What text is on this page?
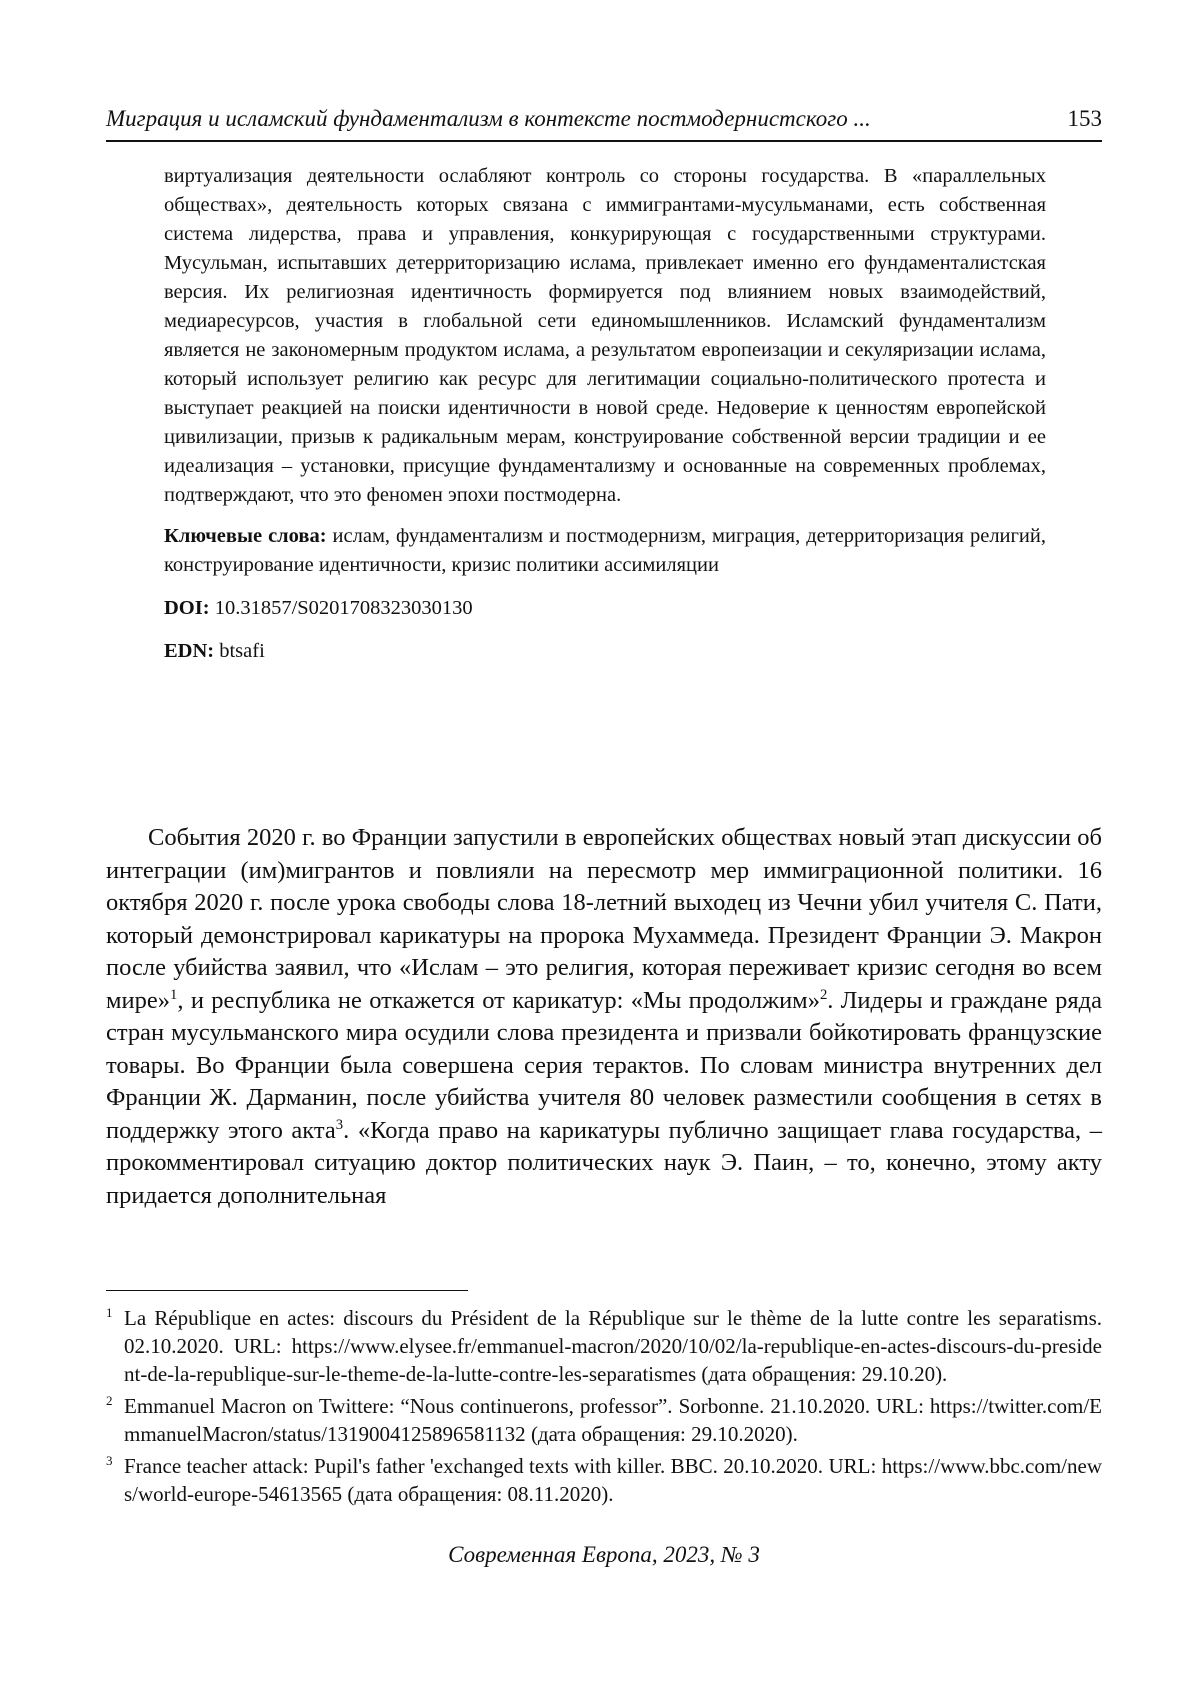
Миграция и исламский фундаментализм в контексте постмодернистского ...	153

виртуализация деятельности ослабляют контроль со стороны государства. В «параллельных обществах», деятельность которых связана с иммигрантами-мусульманами, есть собственная система лидерства, права и управления, конкурирующая с государственными структурами. Мусульман, испытавших детерриторизацию ислама, привлекает именно его фундаменталистская версия. Их религиозная идентичность формируется под влиянием новых взаимодействий, медиаресурсов, участия в глобальной сети единомышленников. Исламский фундаментализм является не закономерным продуктом ислама, а результатом европеизации и секуляризации ислама, который использует религию как ресурс для легитимации социально-политического протеста и выступает реакцией на поиски идентичности в новой среде. Недоверие к ценностям европейской цивилизации, призыв к радикальным мерам, конструирование собственной версии традиции и ее идеализация – установки, присущие фундаментализму и основанные на современных проблемах, подтверждают, что это феномен эпохи постмодерна.

Ключевые слова: ислам, фундаментализм и постмодернизм, миграция, детерриторизация религий, конструирование идентичности, кризис политики ассимиляции

DOI: 10.31857/S0201708323030130

EDN: btsafi

События 2020 г. во Франции запустили в европейских обществах новый этап дискуссии об интеграции (им)мигрантов и повлияли на пересмотр мер иммиграционной политики. 16 октября 2020 г. после урока свободы слова 18-летний выходец из Чечни убил учителя С. Пати, который демонстрировал карикатуры на пророка Мухаммеда. Президент Франции Э. Макрон после убийства заявил, что «Ислам – это религия, которая переживает кризис сегодня во всем мире»$^1$, и республика не откажется от карикатур: «Мы продолжим»$^2$. Лидеры и граждане ряда стран мусульманского мира осудили слова президента и призвали бойкотировать французские товары. Во Франции была совершена серия терактов. По словам министра внутренних дел Франции Ж. Дарманин, после убийства учителя 80 человек разместили сообщения в сетях в поддержку этого акта$^3$. «Когда право на карикатуры публично защищает глава государства, – прокомментировал ситуацию доктор политических наук Э. Паин, – то, конечно, этому акту придается дополнительная

1 La République en actes: discours du Président de la République sur le thème de la lutte contre les separatisms. 02.10.2020. URL: https://www.elysee.fr/emmanuel-macron/2020/10/02/la-republique-en-actes-discours-du-president-de-la-republique-sur-le-theme-de-la-lutte-contre-les-separatismes (дата обращения: 29.10.20).

2 Emmanuel Macron on Twittere: “Nous continuerons, professor”. Sorbonne. 21.10.2020. URL: https://twitter.com/EmmanuelMacron/status/1319004125896581132 (дата обращения: 29.10.2020).

3 France teacher attack: Pupil's father 'exchanged texts with killer. BBC. 20.10.2020. URL: https://www.bbc.com/news/world-europe-54613565 (дата обращения: 08.11.2020).

Современная Европа, 2023, № 3
